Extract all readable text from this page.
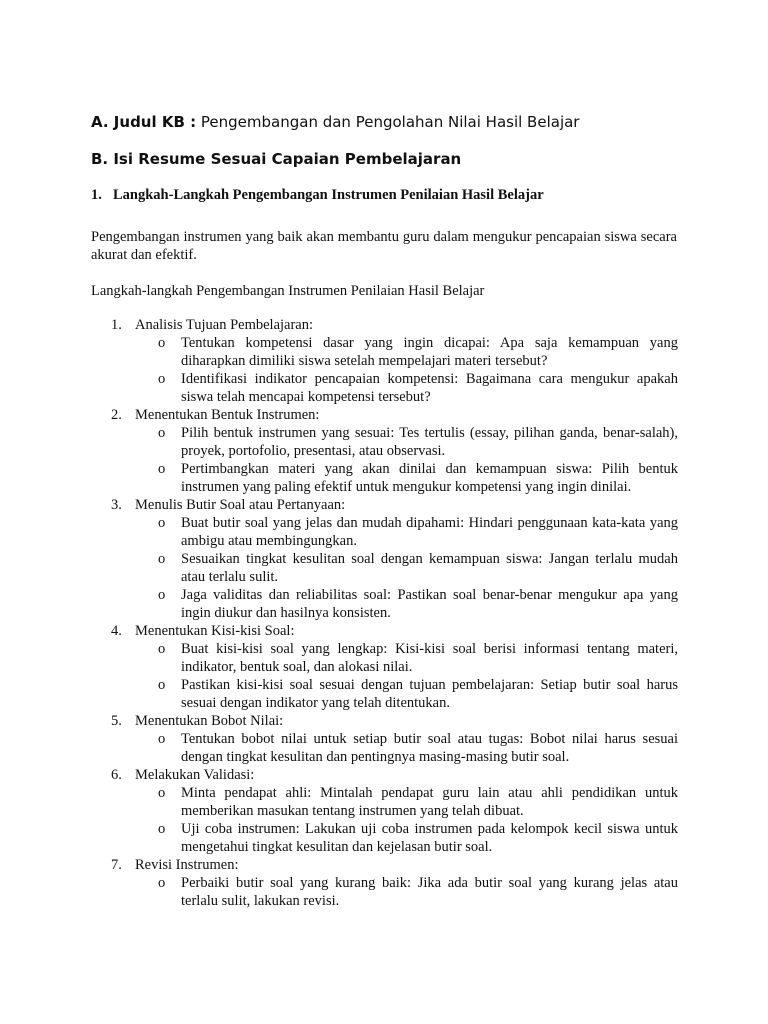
A. Judul KB : Pengembangan dan Pengolahan Nilai Hasil Belajar
B. Isi Resume Sesuai Capaian Pembelajaran
1. Langkah-Langkah Pengembangan Instrumen Penilaian Hasil Belajar
Pengembangan instrumen yang baik akan membantu guru dalam mengukur pencapaian siswa secara akurat dan efektif.
Langkah-langkah Pengembangan Instrumen Penilaian Hasil Belajar
1. Analisis Tujuan Pembelajaran:
o Tentukan kompetensi dasar yang ingin dicapai: Apa saja kemampuan yang diharapkan dimiliki siswa setelah mempelajari materi tersebut?
o Identifikasi indikator pencapaian kompetensi: Bagaimana cara mengukur apakah siswa telah mencapai kompetensi tersebut?
2. Menentukan Bentuk Instrumen:
o Pilih bentuk instrumen yang sesuai: Tes tertulis (essay, pilihan ganda, benar-salah), proyek, portofolio, presentasi, atau observasi.
o Pertimbangkan materi yang akan dinilai dan kemampuan siswa: Pilih bentuk instrumen yang paling efektif untuk mengukur kompetensi yang ingin dinilai.
3. Menulis Butir Soal atau Pertanyaan:
o Buat butir soal yang jelas dan mudah dipahami: Hindari penggunaan kata-kata yang ambigu atau membingungkan.
o Sesuaikan tingkat kesulitan soal dengan kemampuan siswa: Jangan terlalu mudah atau terlalu sulit.
o Jaga validitas dan reliabilitas soal: Pastikan soal benar-benar mengukur apa yang ingin diukur dan hasilnya konsisten.
4. Menentukan Kisi-kisi Soal:
o Buat kisi-kisi soal yang lengkap: Kisi-kisi soal berisi informasi tentang materi, indikator, bentuk soal, dan alokasi nilai.
o Pastikan kisi-kisi soal sesuai dengan tujuan pembelajaran: Setiap butir soal harus sesuai dengan indikator yang telah ditentukan.
5. Menentukan Bobot Nilai:
o Tentukan bobot nilai untuk setiap butir soal atau tugas: Bobot nilai harus sesuai dengan tingkat kesulitan dan pentingnya masing-masing butir soal.
6. Melakukan Validasi:
o Minta pendapat ahli: Mintalah pendapat guru lain atau ahli pendidikan untuk memberikan masukan tentang instrumen yang telah dibuat.
o Uji coba instrumen: Lakukan uji coba instrumen pada kelompok kecil siswa untuk mengetahui tingkat kesulitan dan kejelasan butir soal.
7. Revisi Instrumen:
o Perbaiki butir soal yang kurang baik: Jika ada butir soal yang kurang jelas atau terlalu sulit, lakukan revisi.
